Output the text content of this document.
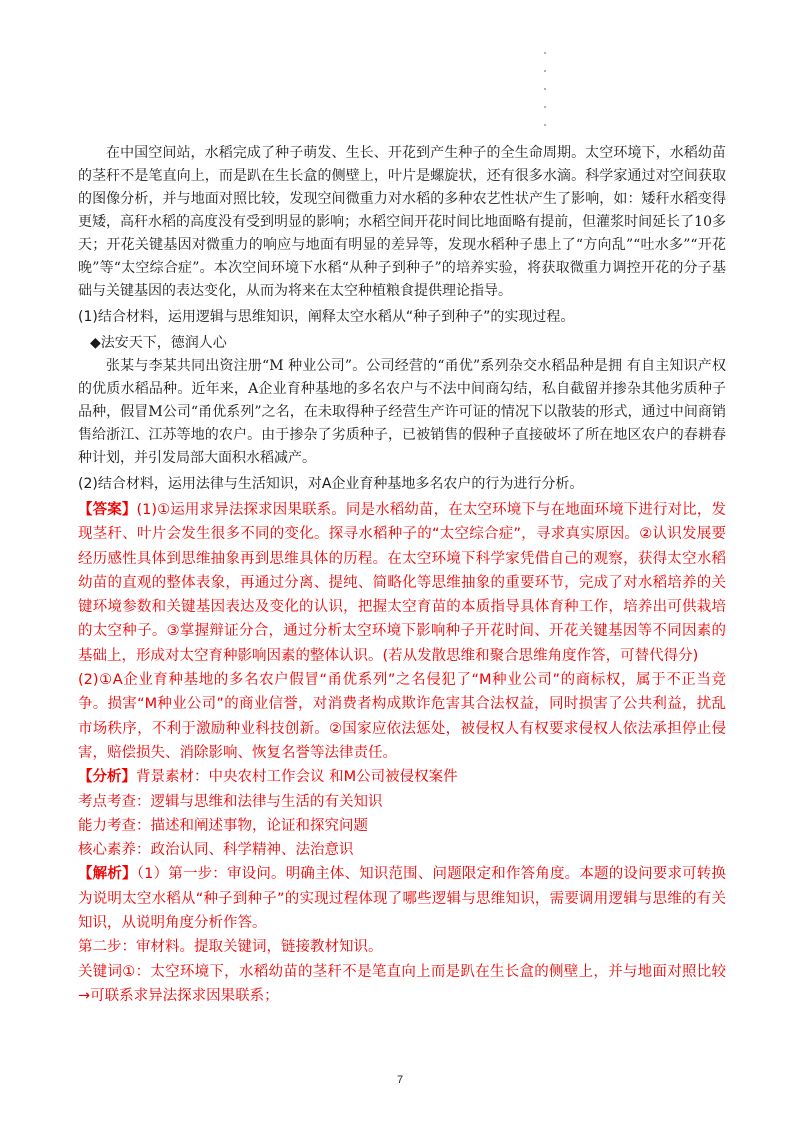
在中国空间站，水稻完成了种子萌发、生长、开花到产生种子的全生命周期。太空环境下，水稻幼苗的茎秆不是笔直向上，而是趴在生长盒的侧壁上，叶片是螺旋状，还有很多水滴。科学家通过对空间获取的图像分析，并与地面对照比较，发现空间微重力对水稻的多种农艺性状产生了影响，如：矮秆水稻变得更矮，高秆水稻的高度没有受到明显的影响；水稻空间开花时间比地面略有提前，但灌浆时间延长了10多天；开花关键基因对微重力的响应与地面有明显的差异等，发现水稻种子患上了“方向乱”“吐水多”“开花晚”等“太空综合症”。本次空间环境下水稻“从种子到种子”的培养实验，将获取微重力调控开花的分子基础与关键基因的表达变化，从而为将来在太空种植粮食提供理论指导。

(1)结合材料，运用逻辑与思维知识，阐释太空水稻从“种子到种子”的实现过程。

◆法安天下，德润人心

张某与李某共同出资注册“M 种业公司”。公司经营的“甬优”系列杂交水稻品种是拥 有自主知识产权的优质水稻品种。近年来，A企业育种基地的多名农户与不法中间商勾结，私自截留并掺杂其他劣质种子品种，假冒M公司“甬优系列”之名，在未取得种子经营生产许可证的情况下以散装的形式，通过中间商销售给浙江、江苏等地的农户。由于掺杂了劣质种子，已被销售的假种子直接破坏了所在地区农户的春耕春种计划，并引发局部大面积水稻减产。

(2)结合材料，运用法律与生活知识，对A企业育种基地多名农户的行为进行分析。

【答案】(1)①运用求异法探求因果联系。同是水稻幼苗，在太空环境下与在地面环境下进行对比，发现茎秆、叶片会发生很多不同的变化。探寻水稻种子的“太空综合症”，寻求真实原因。②认识发展要经历感性具体到思维抽象再到思维具体的历程。在太空环境下科学家凭借自己的观察，获得太空水稻幼苗的直观的整体表象，再通过分离、提纯、简略化等思维抽象的重要环节，完成了对水稻培养的关键环境参数和关键基因表达及变化的认识，把握太空育苗的本质指导具体育种工作，培养出可供栽培的太空种子。③掌握辩证分合，通过分析太空环境下影响种子开花时间、开花关键基因等不同因素的基础上，形成对太空育种影响因素的整体认识。(若从发散思维和聚合思维角度作答，可替代得分)

(2)①A企业育种基地的多名农户假冒“甬优系列”之名侵犯了“M种业公司”的商标权，属于不正当竞争。损害“M种业公司”的商业信誉，对消费者构成欺诈危害其合法权益，同时损害了公共利益，扰乱市场秩序，不利于激励种业科技创新。②国家应依法惩处，被侵权人有权要求侵权人依法承担停止侵害，赔偿损失、消除影响、恢复名誉等法律责任。

【分析】背景素材：中央农村工作会议 和M公司被侵权案件

考点考查：逻辑与思维和法律与生活的有关知识

能力考查：描述和阐述事物，论证和探究问题

核心素养：政治认同、科学精神、法治意识

【解析】（1）第一步：审设问。明确主体、知识范围、问题限定和作答角度。本题的设问要求可转换为说明太空水稻从“种子到种子”的实现过程体现了哪些逻辑与思维知识，需要调用逻辑与思维的有关知识，从说明角度分析作答。

第二步：审材料。提取关键词，链接教材知识。

关键词①：太空环境下，水稻幼苗的茎秆不是笔直向上而是趴在生长盒的侧壁上，并与地面对照比较→可联系求异法探求因果联系；

7
